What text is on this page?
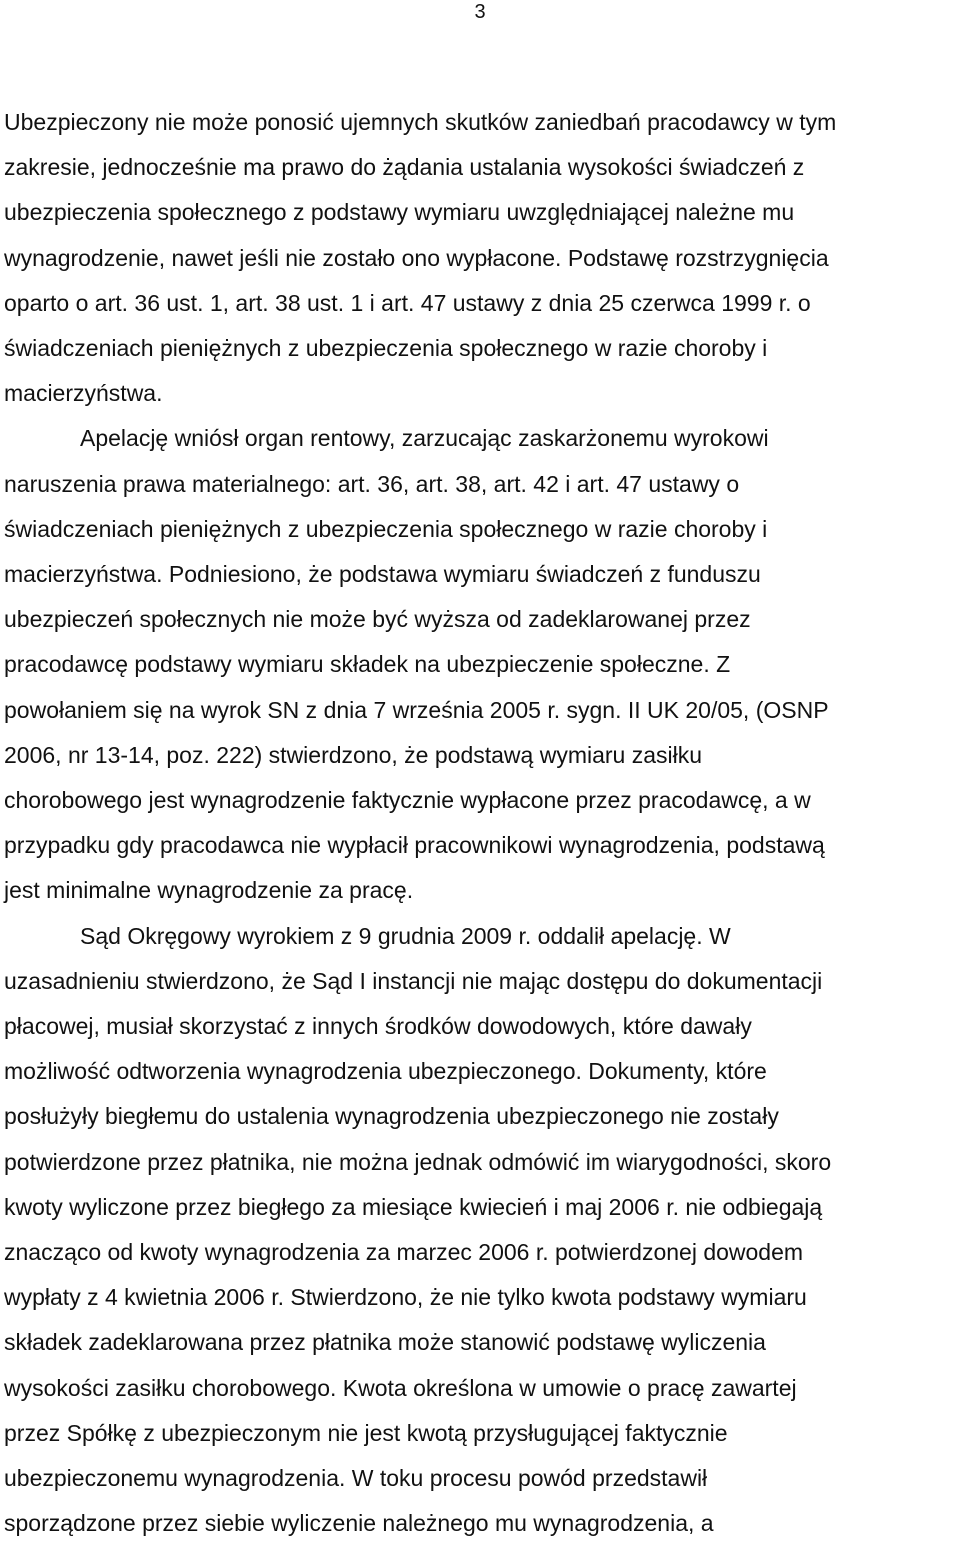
3
Ubezpieczony nie może ponosić ujemnych skutków zaniedbań pracodawcy w tym
zakresie, jednocześnie ma prawo do żądania ustalania wysokości świadczeń z
ubezpieczenia społecznego z podstawy wymiaru uwzględniającej należne mu
wynagrodzenie, nawet jeśli nie zostało ono wypłacone. Podstawę rozstrzygnięcia
oparto o art. 36 ust. 1, art. 38 ust. 1 i art. 47 ustawy z dnia 25 czerwca 1999 r. o
świadczeniach pieniężnych z ubezpieczenia społecznego w razie choroby i
macierzyństwa.
Apelację wniósł organ rentowy, zarzucając zaskarżonemu wyrokowi
naruszenia prawa materialnego: art. 36, art. 38, art. 42 i art. 47 ustawy o
świadczeniach pieniężnych z ubezpieczenia społecznego w razie choroby i
macierzyństwa. Podniesiono, że podstawa wymiaru świadczeń z funduszu
ubezpieczeń społecznych nie może być wyższa od zadeklarowanej przez
pracodawcę podstawy wymiaru składek na ubezpieczenie społeczne. Z
powołaniem się na wyrok SN z dnia 7 września 2005 r. sygn. II UK 20/05, (OSNP
2006, nr 13-14, poz. 222) stwierdzono, że podstawą wymiaru zasiłku
chorobowego jest wynagrodzenie faktycznie wypłacone przez pracodawcę, a w
przypadku gdy pracodawca nie wypłacił pracownikowi wynagrodzenia, podstawą
jest minimalne wynagrodzenie za pracę.
Sąd Okręgowy wyrokiem z 9 grudnia 2009 r. oddalił apelację. W
uzasadnieniu stwierdzono, że Sąd I instancji nie mając dostępu do dokumentacji
płacowej, musiał skorzystać z innych środków dowodowych, które dawały
możliwość odtworzenia wynagrodzenia ubezpieczonego. Dokumenty, które
posłużyły biegłemu do ustalenia wynagrodzenia ubezpieczonego nie zostały
potwierdzone przez płatnika, nie można jednak odmówić im wiarygodności, skoro
kwoty wyliczone przez biegłego za miesiące kwiecień i maj 2006 r. nie odbiegają
znacząco od kwoty wynagrodzenia za marzec 2006 r. potwierdzonej dowodem
wypłaty z 4 kwietnia 2006 r. Stwierdzono, że nie tylko kwota podstawy wymiaru
składek zadeklarowana przez płatnika może stanowić podstawę wyliczenia
wysokości zasiłku chorobowego. Kwota określona w umowie o pracę zawartej
przez Spółkę z ubezpieczonym nie jest kwotą przysługującej faktycznie
ubezpieczonemu wynagrodzenia. W toku procesu powód przedstawił
sporządzone przez siebie wyliczenie należnego mu wynagrodzenia, a
